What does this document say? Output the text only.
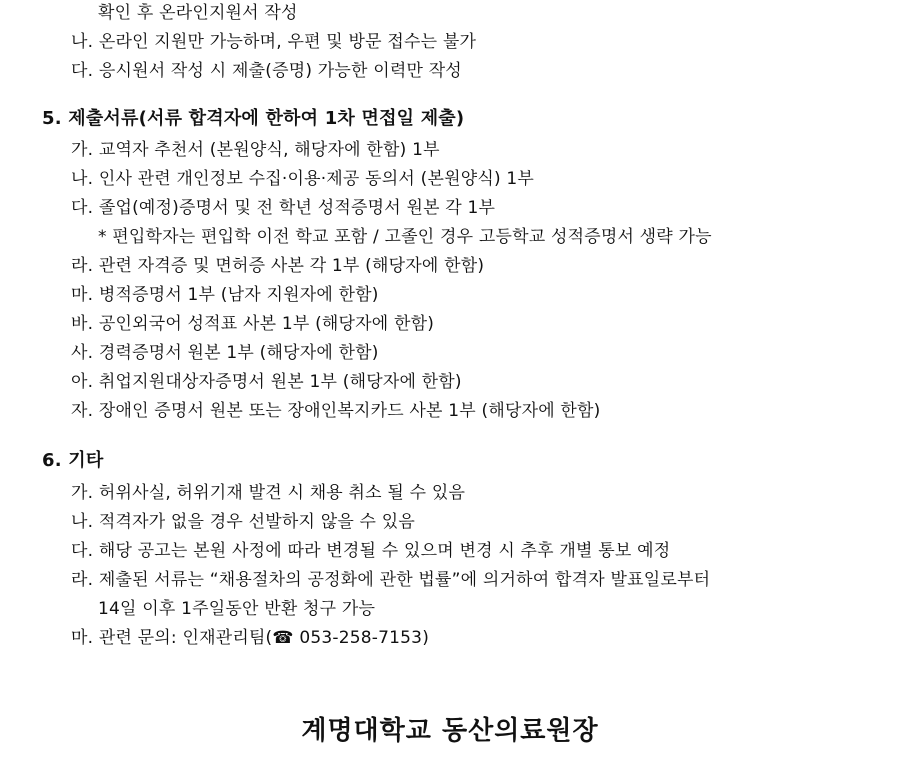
확인 후 온라인지원서 작성
나. 온라인 지원만 가능하며, 우편 및 방문 접수는 불가
다. 응시원서 작성 시 제출(증명) 가능한 이력만 작성
5. 제출서류(서류 합격자에 한하여 1차 면접일 제출)
가. 교역자 추천서 (본원양식, 해당자에 한함) 1부
나. 인사 관련 개인정보 수집·이용·제공 동의서 (본원양식) 1부
다. 졸업(예정)증명서 및 전 학년 성적증명서 원본 각 1부
* 편입학자는 편입학 이전 학교 포함 / 고졸인 경우 고등학교 성적증명서 생략 가능
라. 관련 자격증 및 면허증 사본 각 1부 (해당자에 한함)
마. 병적증명서 1부 (남자 지원자에 한함)
바. 공인외국어 성적표 사본 1부 (해당자에 한함)
사. 경력증명서 원본 1부 (해당자에 한함)
아. 취업지원대상자증명서 원본 1부 (해당자에 한함)
자. 장애인 증명서 원본 또는 장애인복지카드 사본 1부 (해당자에 한함)
6. 기타
가. 허위사실, 허위기재 발견 시 채용 취소 될 수 있음
나. 적격자가 없을 경우 선발하지 않을 수 있음
다. 해당 공고는 본원 사정에 따라 변경될 수 있으며 변경 시 추후 개별 통보 예정
라. 제출된 서류는 “채용절차의 공정화에 관한 법률”에 의거하여 합격자 발표일로부터
14일 이후 1주일동안 반환 청구 가능
마. 관련 문의: 인재관리팀(☎ 053-258-7153)
계명대학교 동산의료원장
